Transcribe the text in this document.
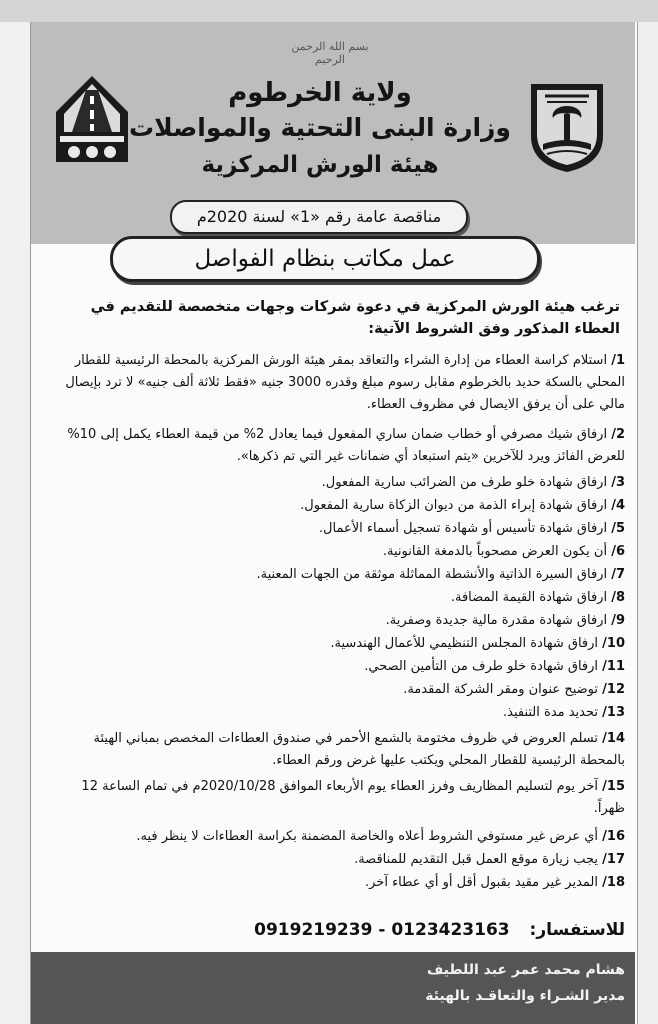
بسم الله الرحمن الرحيم
ولاية الخرطوم
وزارة البنى التحتية والمواصلات
هيئة الورش المركزية
مناقصة عامة رقم «1» لسنة 2020م
عمل مكاتب بنظام الفواصل
ترغب هيئة الورش المركزية في دعوة شركات وجهات متخصصة للتقديم في العطاء المذكور وفق الشروط الآتية:
1/ استلام كراسة العطاء من إدارة الشراء والتعاقد بمقر هيئة الورش المركزية بالمحطة الرئيسية للقطار المحلي بالسكة حديد بالخرطوم مقابل رسوم مبلغ وقدره 3000 جنيه «فقط ثلاثة ألف جنيه» لا ترد بإيصال مالي على أن يرفق الايصال في مظروف العطاء.
2/ ارفاق شيك مصرفي أو خطاب ضمان ساري المفعول فيما يعادل 2% من قيمة العطاء يكمل إلى 10% للعرض الفائز ويرد للآخرين «يتم استبعاد أي ضمانات غير التي تم ذكرها».
3/ ارفاق شهادة خلو طرف من الضرائب سارية المفعول.
4/ ارفاق شهادة إبراء الذمة من ديوان الزكاة سارية المفعول.
5/ ارفاق شهادة تأسيس أو شهادة تسجيل أسماء الأعمال.
6/ أن يكون العرض مصحوباً بالدمغة القانونية.
7/ ارفاق السيرة الذاتية والأنشطة المماثلة موثقة من الجهات المعنية.
8/ ارفاق شهادة القيمة المضافة.
9/ ارفاق شهادة مقدرة مالية جديدة وصفرية.
10/ ارفاق شهادة المجلس التنظيمي للأعمال الهندسية.
11/ ارفاق شهادة خلو طرف من التأمين الصحي.
12/ توضيح عنوان ومقر الشركة المقدمة.
13/ تحديد مدة التنفيذ.
14/ تسلم العروض في ظروف مختومة بالشمع الأحمر في صندوق العطاءات المخصص بمباني الهيئة بالمحطة الرئيسية للقطار المحلي ويكتب عليها غرض ورقم العطاء.
15/ آخر يوم لتسليم المظاريف وفرز العطاء يوم الأربعاء الموافق 2020/10/28م في تمام الساعة 12 ظهراً.
16/ أي عرض غير مستوفي الشروط أعلاه والخاصة المضمنة بكراسة العطاءات لا ينظر فيه.
17/ يجب زيارة موقع العمل قبل التقديم للمناقصة.
18/ المدير غير مقيد بقبول أقل أو أي عطاء آخر.
للاستفسار: 0123423163 - 0919219239
هشام محمد عمر عبد اللطيف
مدير الشـراء والتعاقـد بالهيئة
